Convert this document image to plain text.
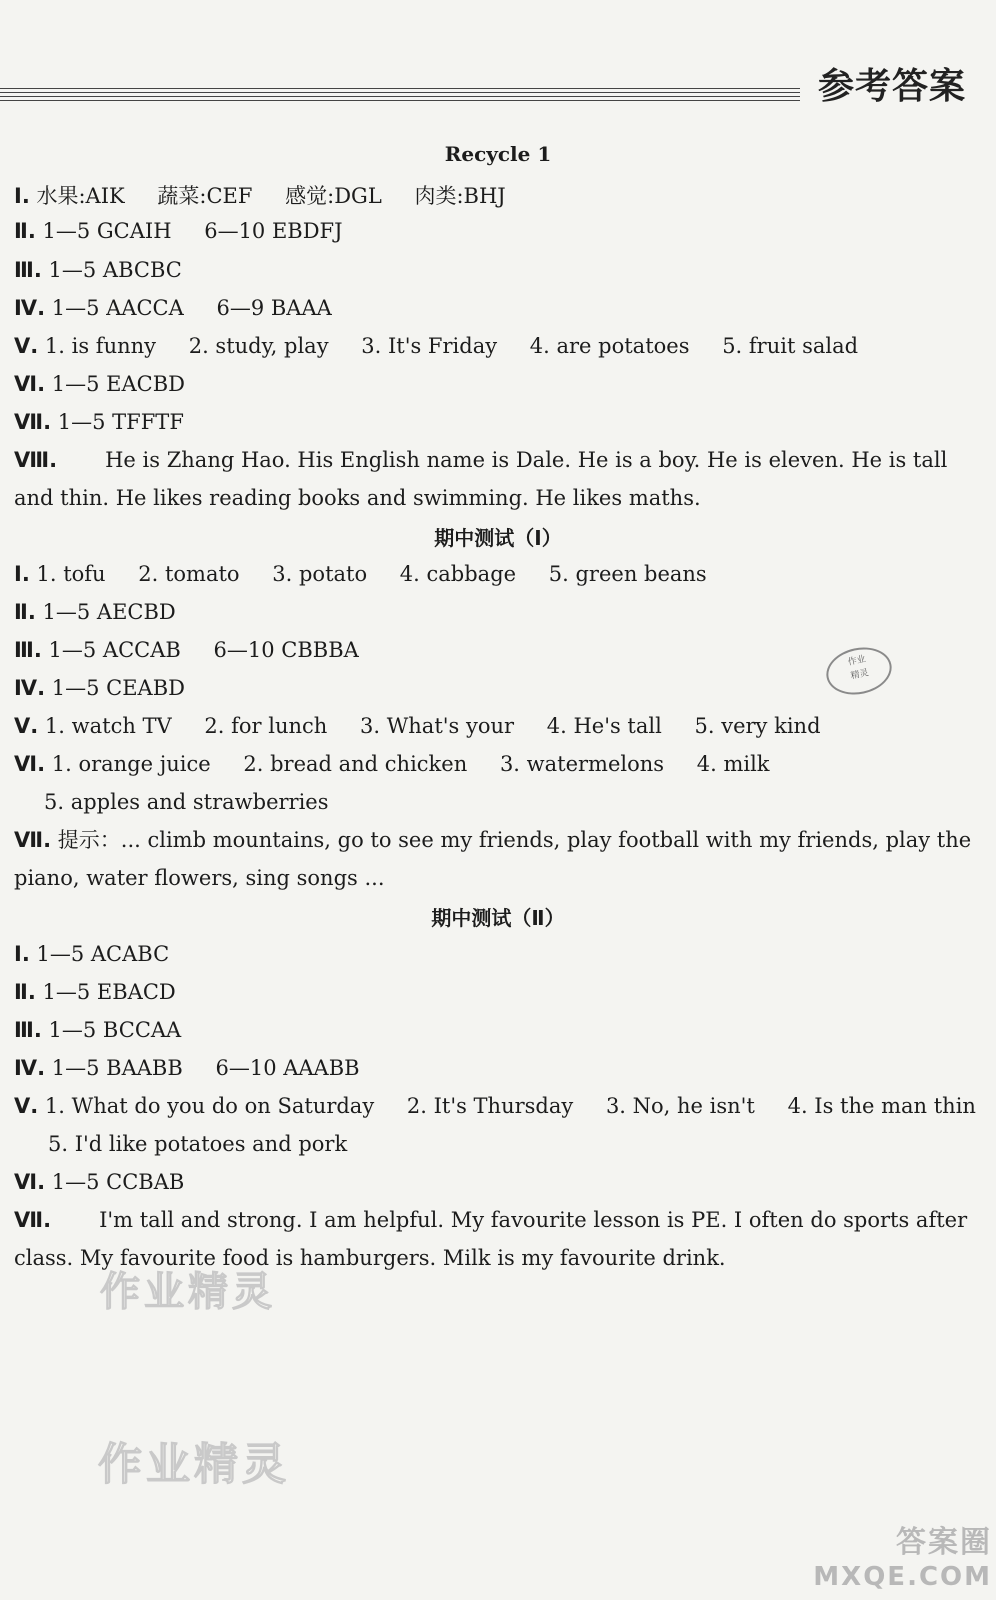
参考答案
Recycle 1
Ⅰ. 水果:AIK 蔬菜:CEF 感觉:DGL 肉类:BHJ
Ⅱ. 1—5 GCAIH 6—10 EBDFJ
Ⅲ. 1—5 ABCBC
Ⅳ. 1—5 AACCA 6—9 BAAA
Ⅴ. 1. is funny 2. study, play 3. It's Friday 4. are potatoes 5. fruit salad
Ⅵ. 1—5 EACBD
Ⅶ. 1—5 TFFTF
Ⅷ. He is Zhang Hao. His English name is Dale. He is a boy. He is eleven. He is tall and thin. He likes reading books and swimming. He likes maths.
期中测试（Ⅰ）
Ⅰ. 1. tofu 2. tomato 3. potato 4. cabbage 5. green beans
Ⅱ. 1—5 AECBD
Ⅲ. 1—5 ACCAB 6—10 CBBBA
Ⅳ. 1—5 CEABD
Ⅴ. 1. watch TV 2. for lunch 3. What's your 4. He's tall 5. very kind
Ⅵ. 1. orange juice 2. bread and chicken 3. watermelons 4. milk
5. apples and strawberries
Ⅶ. 提示：... climb mountains, go to see my friends, play football with my friends, play the piano, water flowers, sing songs ...
期中测试（Ⅱ）
Ⅰ. 1—5 ACABC
Ⅱ. 1—5 EBACD
Ⅲ. 1—5 BCCAA
Ⅳ. 1—5 BAABB 6—10 AAABB
Ⅴ. 1. What do you do on Saturday 2. It's Thursday 3. No, he isn't 4. Is the man thin
5. I'd like potatoes and pork
Ⅵ. 1—5 CCBAB
Ⅶ. I'm tall and strong. I am helpful. My favourite lesson is PE. I often do sports after class. My favourite food is hamburgers. Milk is my favourite drink.
作业
精灵
作业精灵
作业精灵
答案圈
MXQE.COM
